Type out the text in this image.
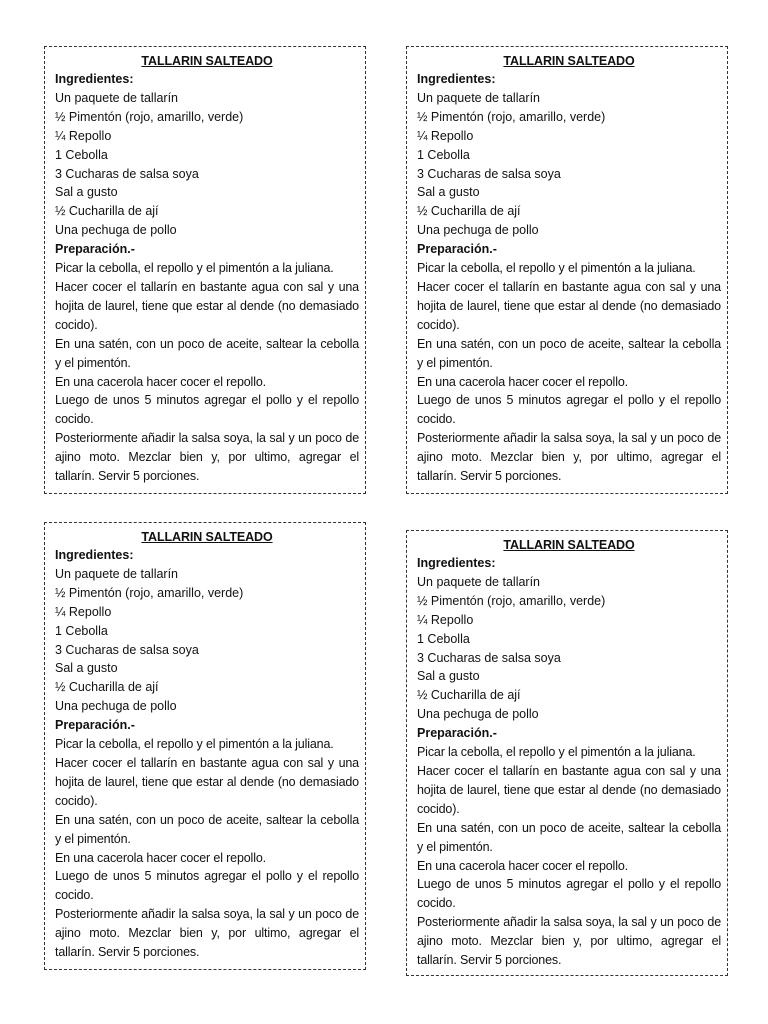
TALLARIN SALTEADO

Ingredientes:

Un paquete de tallarín

½ Pimentón (rojo, amarillo, verde)

¼ Repollo

1 Cebolla

3 Cucharas de salsa soya

Sal a gusto

½ Cucharilla de ají

Una pechuga de pollo

Preparación.-

Picar la cebolla, el repollo y el pimentón a la juliana.

Hacer cocer el tallarín en bastante agua con sal y una hojita de laurel, tiene que estar al dende (no demasiado cocido).

En una satén, con un poco de aceite, saltear la cebolla y el pimentón.

En una cacerola hacer cocer el repollo.

Luego de unos 5 minutos agregar el pollo y el repollo cocido.

Posteriormente añadir la salsa soya, la sal y un poco de ajino moto. Mezclar bien y, por ultimo, agregar el tallarín. Servir 5 porciones.

TALLARIN SALTEADO

Ingredientes:

Un paquete de tallarín

½ Pimentón (rojo, amarillo, verde)

¼ Repollo

1 Cebolla

3 Cucharas de salsa soya

Sal a gusto

½ Cucharilla de ají

Una pechuga de pollo

Preparación.-

Picar la cebolla, el repollo y el pimentón a la juliana.

Hacer cocer el tallarín en bastante agua con sal y una hojita de laurel, tiene que estar al dende (no demasiado cocido).

En una satén, con un poco de aceite, saltear la cebolla y el pimentón.

En una cacerola hacer cocer el repollo.

Luego de unos 5 minutos agregar el pollo y el repollo cocido.

Posteriormente añadir la salsa soya, la sal y un poco de ajino moto. Mezclar bien y, por ultimo, agregar el tallarín. Servir 5 porciones.

TALLARIN SALTEADO

Ingredientes:

Un paquete de tallarín

½ Pimentón (rojo, amarillo, verde)

¼ Repollo

1 Cebolla

3 Cucharas de salsa soya

Sal a gusto

½ Cucharilla de ají

Una pechuga de pollo

Preparación.-

Picar la cebolla, el repollo y el pimentón a la juliana.

Hacer cocer el tallarín en bastante agua con sal y una hojita de laurel, tiene que estar al dende (no demasiado cocido).

En una satén, con un poco de aceite, saltear la cebolla y el pimentón.

En una cacerola hacer cocer el repollo.

Luego de unos 5 minutos agregar el pollo y el repollo cocido.

Posteriormente añadir la salsa soya, la sal y un poco de ajino moto. Mezclar bien y, por ultimo, agregar el tallarín. Servir 5 porciones.

TALLARIN SALTEADO

Ingredientes:

Un paquete de tallarín

½ Pimentón (rojo, amarillo, verde)

¼ Repollo

1 Cebolla

3 Cucharas de salsa soya

Sal a gusto

½ Cucharilla de ají

Una pechuga de pollo

Preparación.-

Picar la cebolla, el repollo y el pimentón a la juliana.

Hacer cocer el tallarín en bastante agua con sal y una hojita de laurel, tiene que estar al dende (no demasiado cocido).

En una satén, con un poco de aceite, saltear la cebolla y el pimentón.

En una cacerola hacer cocer el repollo.

Luego de unos 5 minutos agregar el pollo y el repollo cocido.

Posteriormente añadir la salsa soya, la sal y un poco de ajino moto. Mezclar bien y, por ultimo, agregar el tallarín. Servir 5 porciones.
